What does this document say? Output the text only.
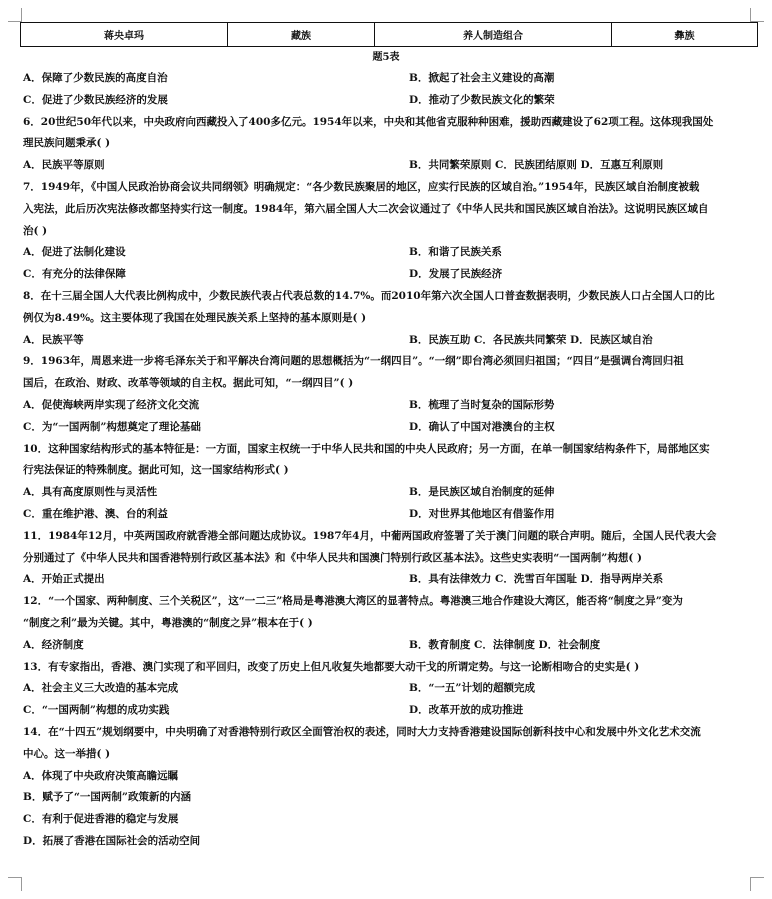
蒋央卓玛	藏族	养人制造组合	彝族
题5表
A．保障了少数民族的高度自治	B．掀起了社会主义建设的高潮
C．促进了少数民族经济的发展	D．推动了少数民族文化的繁荣
6．20世纪50年代以来，中央政府向西藏投入了400多亿元。1954年以来，中央和其他省克服种种困难，援助西藏建设了62项工程。这体现我国处
理民族问题秉承( )
A．民族平等原则	B．共同繁荣原则 C．民族团结原则 D．互惠互利原则
7．1949年，《中国人民政治协商会议共同纲领》明确规定：“各少数民族聚居的地区，应实行民族的区域自治。”1954年，民族区域自治制度被载
入宪法，此后历次宪法修改都坚持实行这一制度。1984年，第六届全国人大二次会议通过了《中华人民共和国民族区域自治法》。这说明民族区域自
治( )
A．促进了法制化建设	B．和谐了民族关系
C．有充分的法律保障	D．发展了民族经济
8．在十三届全国人大代表比例构成中，少数民族代表占代表总数的14.7%。而2010年第六次全国人口普查数据表明，少数民族人口占全国人口的比
例仅为8.49%。这主要体现了我国在处理民族关系上坚持的基本原则是( )
A．民族平等	B．民族互助 C．各民族共同繁荣 D．民族区域自治
9．1963年，周恩来进一步将毛泽东关于和平解决台湾问题的思想概括为“一纲四目”。“一纲”即台湾必须回归祖国；“四目”是强调台湾回归祖
国后，在政治、财政、改革等领域的自主权。据此可知，“一纲四目”( )
A．促使海峡两岸实现了经济文化交流	B．梳理了当时复杂的国际形势
C．为“一国两制”构想奠定了理论基础	D．确认了中国对港澳台的主权
10．这种国家结构形式的基本特征是：一方面，国家主权统一于中华人民共和国的中央人民政府；另一方面，在单一制国家结构条件下，局部地区实
行宪法保证的特殊制度。据此可知，这一国家结构形式( )
A．具有高度原则性与灵活性	B．是民族区域自治制度的延伸
C．重在维护港、澳、台的利益	D．对世界其他地区有借鉴作用
11．1984年12月，中英两国政府就香港全部问题达成协议。1987年4月，中葡两国政府签署了关于澳门问题的联合声明。随后，全国人民代表大会
分别通过了《中华人民共和国香港特别行政区基本法》和《中华人民共和国澳门特别行政区基本法》。这些史实表明“一国两制”构想( )
A．开始正式提出	B．具有法律效力 C．洗雪百年国耻 D．指导两岸关系
12．“一个国家、两种制度、三个关税区”，这“一二三”格局是粤港澳大湾区的显著特点。粤港澳三地合作建设大湾区，能否将“制度之异”变为
“制度之利”最为关键。其中，粤港澳的“制度之异”根本在于( )
A．经济制度	B．教育制度 C．法律制度 D．社会制度
13．有专家指出，香港、澳门实现了和平回归，改变了历史上但凡收复失地都要大动干戈的所谓定势。与这一论断相吻合的史实是( )
A．社会主义三大改造的基本完成	B．“一五”计划的超额完成
C．“一国两制”构想的成功实践	D．改革开放的成功推进
14．在“十四五”规划纲要中，中央明确了对香港特别行政区全面管治权的表述，同时大力支持香港建设国际创新科技中心和发展中外文化艺术交流
中心。这一举措( )
A．体现了中央政府决策高瞻远瞩
B．赋予了“一国两制”政策新的内涵
C．有利于促进香港的稳定与发展
D．拓展了香港在国际社会的活动空间
